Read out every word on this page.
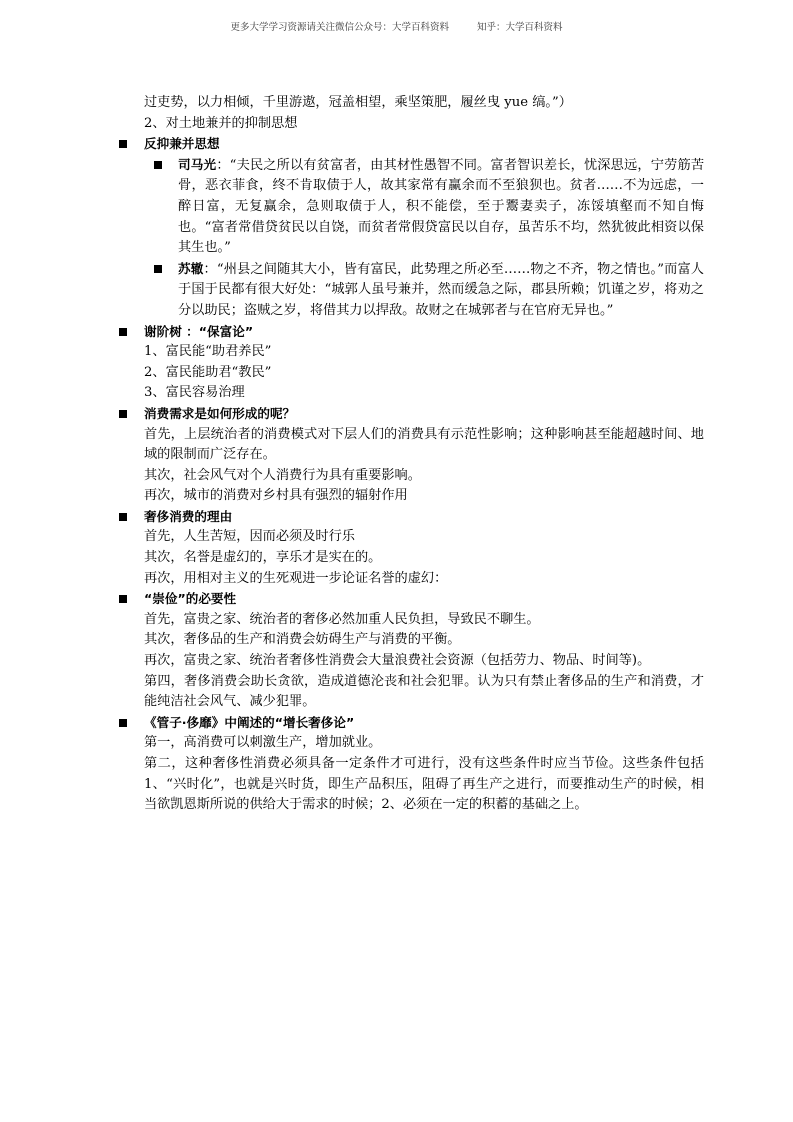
更多大学学习资源请关注微信公众号：大学百科资料	知乎：大学百科资料

过吏势，以力相倾，千里游遨，冠盖相望，乘坚策肥，履丝曳 yue 缟。”）

2、对土地兼并的抑制思想

反抑兼并思想
司马光：“夫民之所以有贫富者，由其材性愚智不同。富者智识差长，忧深思远，宁劳筋苦骨，恶衣菲食，终不肯取债于人，故其家常有赢余而不至狼狈也。贫者……不为远虑，一醉日富，无复赢余，急则取债于人，积不能偿，至于鬻妻卖子，冻馁填壑而不知自悔也。“富者常借贷贫民以自饶，而贫者常假贷富民以自存，虽苦乐不均，然犹彼此相资以保其生也。”
苏辙：“州县之间随其大小，皆有富民，此势理之所必至……物之不齐，物之情也。”而富人于国于民都有很大好处：“城郭人虽号兼并，然而缓急之际，郡县所赖；饥谨之岁，将劝之分以助民；盗贼之岁，将借其力以捍敌。故财之在城郭者与在官府无异也。”
谢阶树 ：“保富论”

1、富民能“助君养民”

2、富民能助君“教民”

3、富民容易治理

消费需求是如何形成的呢？

首先，上层统治者的消费模式对下层人们的消费具有示范性影响；这种影响甚至能超越时间、地域的限制而广泛存在。

其次，社会风气对个人消费行为具有重要影响。

再次，城市的消费对乡村具有强烈的辐射作用

奢侈消费的理由

首先，人生苦短，因而必须及时行乐

其次，名誉是虚幻的，享乐才是实在的。

再次，用相对主义的生死观进一步论证名誉的虚幻：

“崇俭”的必要性

首先，富贵之家、统治者的奢侈必然加重人民负担，导致民不聊生。

其次，奢侈品的生产和消费会妨碍生产与消费的平衡。

再次，富贵之家、统治者奢侈性消费会大量浪费社会资源（包括劳力、物品、时间等)。

第四，奢侈消费会助长贪欲，造成道德沦丧和社会犯罪。认为只有禁止奢侈品的生产和消费，才能纯洁社会风气、减少犯罪。

《管子·侈靡》中阐述的“增长奢侈论”

第一，高消费可以刺激生产，增加就业。

第二，这种奢侈性消费必须具备一定条件才可进行，没有这些条件时应当节俭。这些条件包括 1、“兴时化”，也就是兴时货，即生产品积压，阻碍了再生产之进行，而要推动生产的时候，相当欲凯恩斯所说的供给大于需求的时候；2、必须在一定的积蓄的基础之上。
